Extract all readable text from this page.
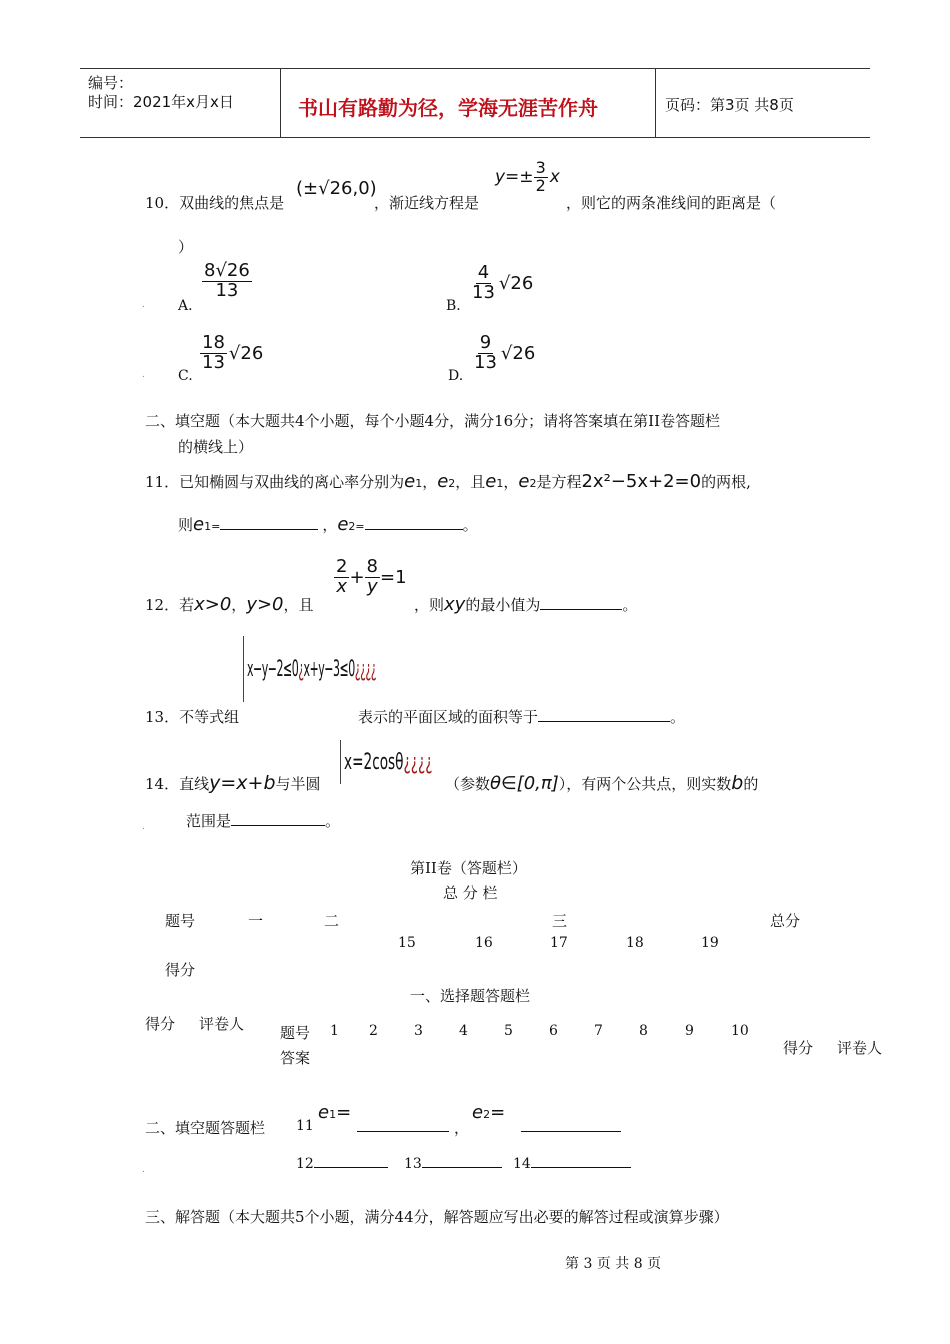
编号：
时间：2021年x月x日	书山有路勤为径，学海无涯苦作舟	页码：第3页 共8页
10．双曲线的焦点是
(±√26,0)
，渐近线方程是
$y=\pm \frac{3}{2}$ x
，则它的两条准线间的距离是（
）
. A.
$\frac{8√26}{13}$
B.
$\frac{4}{13} √26$
. C.
$\frac{18}{13} √26$
D.
$\frac{9}{13} √26$
二、填空题（本大题共4个小题，每个小题4分，满分16分；请将答案填在第II卷答题栏
的横线上）
11． 已知椭圆与双曲线的离心率分别为 e 1 ， e 2 ，且 e 1 ， e 2 是方程 2x²−5x+2=0 的两根,
则 e 1 =	， e 2 =	。
12． 若 x>0 ， y>0 ，且
$\frac{2}{x} + \frac{8}{y} =1$
，则 xy 的最小值为	。
13． 不等式组
x−y−2≤0¿x+y−3≤0¿¿¿¿
表示的平面区域的面积等于	。
14． 直线 y=x+b 与半圆
x=2cosθ¿¿¿¿
（参数 θ∈[0,π] ），有两个公共点，则实数 b 的
.	范围是	。
第II卷（答题栏）
总 分 栏
题号	一	二	三	总分
15	16	17	18	19
得分
一、选择题答题栏
得分 评卷人 题号 1 2	3	4	5	6	7	8	9	10
答案
得分 评卷人
二、填空题答题栏 11
e 1 =
，
e 2 =
.	12	13	14
三、解答题（本大题共5个小题，满分44分，解答题应写出必要的解答过程或演算步骤）
第 3 页 共 8 页
